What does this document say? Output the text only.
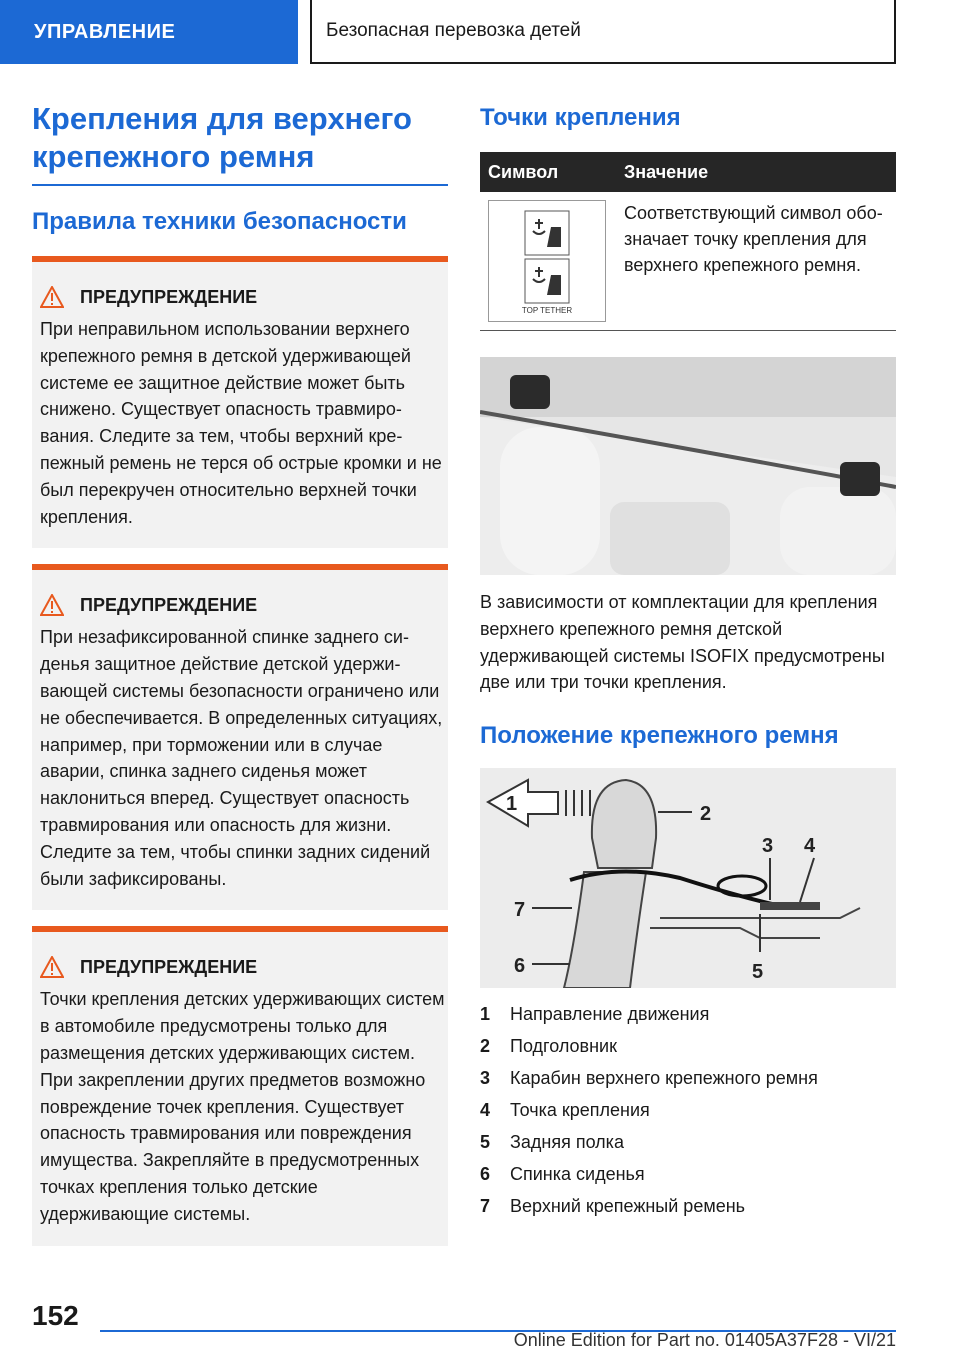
УПРАВЛЕНИЕ	Безопасная перевозка детей
Крепления для верхнего крепежного ремня
Правила техники безопасности
ПРЕДУПРЕЖДЕНИЕ
При неправильном использовании верхнего крепежного ремня в детской удерживающей системе ее защитное действие может быть снижено. Существует опасность травмирования. Следите за тем, чтобы верхний крепежный ремень не терся об острые кромки и не был перекручен относительно верхней точки крепления.
ПРЕДУПРЕЖДЕНИЕ
При незафиксированной спинке заднего сиденья защитное действие детской удерживающей системы безопасности ограничено или не обеспечивается. В определенных ситуациях, например, при торможении или в случае аварии, спинка заднего сиденья может наклониться вперед. Существует опасность травмирования или опасность для жизни. Следите за тем, чтобы спинки задних сидений были зафиксированы.
ПРЕДУПРЕЖДЕНИЕ
Точки крепления детских удерживающих систем в автомобиле предусмотрены только для размещения детских удерживающих систем. При закреплении других предметов возможно повреждение точек крепления. Существует опасность травмирования или повреждения имущества. Закрепляйте в предусмотренных точках крепления только детские удерживающие системы.
Точки крепления
Символ	Значение

TOP TETHER	Соответствующий символ обозначает точку крепления для верхнего крепежного ремня.
В зависимости от комплектации для крепления верхнего крепежного ремня детской удерживающей системы ISOFIX предусмотрены две или три точки крепления.
Положение крепежного ремня
1	2
3 4
5
6
7
1	Направление движения
2	Подголовник
3	Карабин верхнего крепежного ремня
4	Точка крепления
5	Задняя полка
6	Спинка сиденья
7	Верхний крепежный ремень
152
Online Edition for Part no. 01405A37F28 - VI/21
